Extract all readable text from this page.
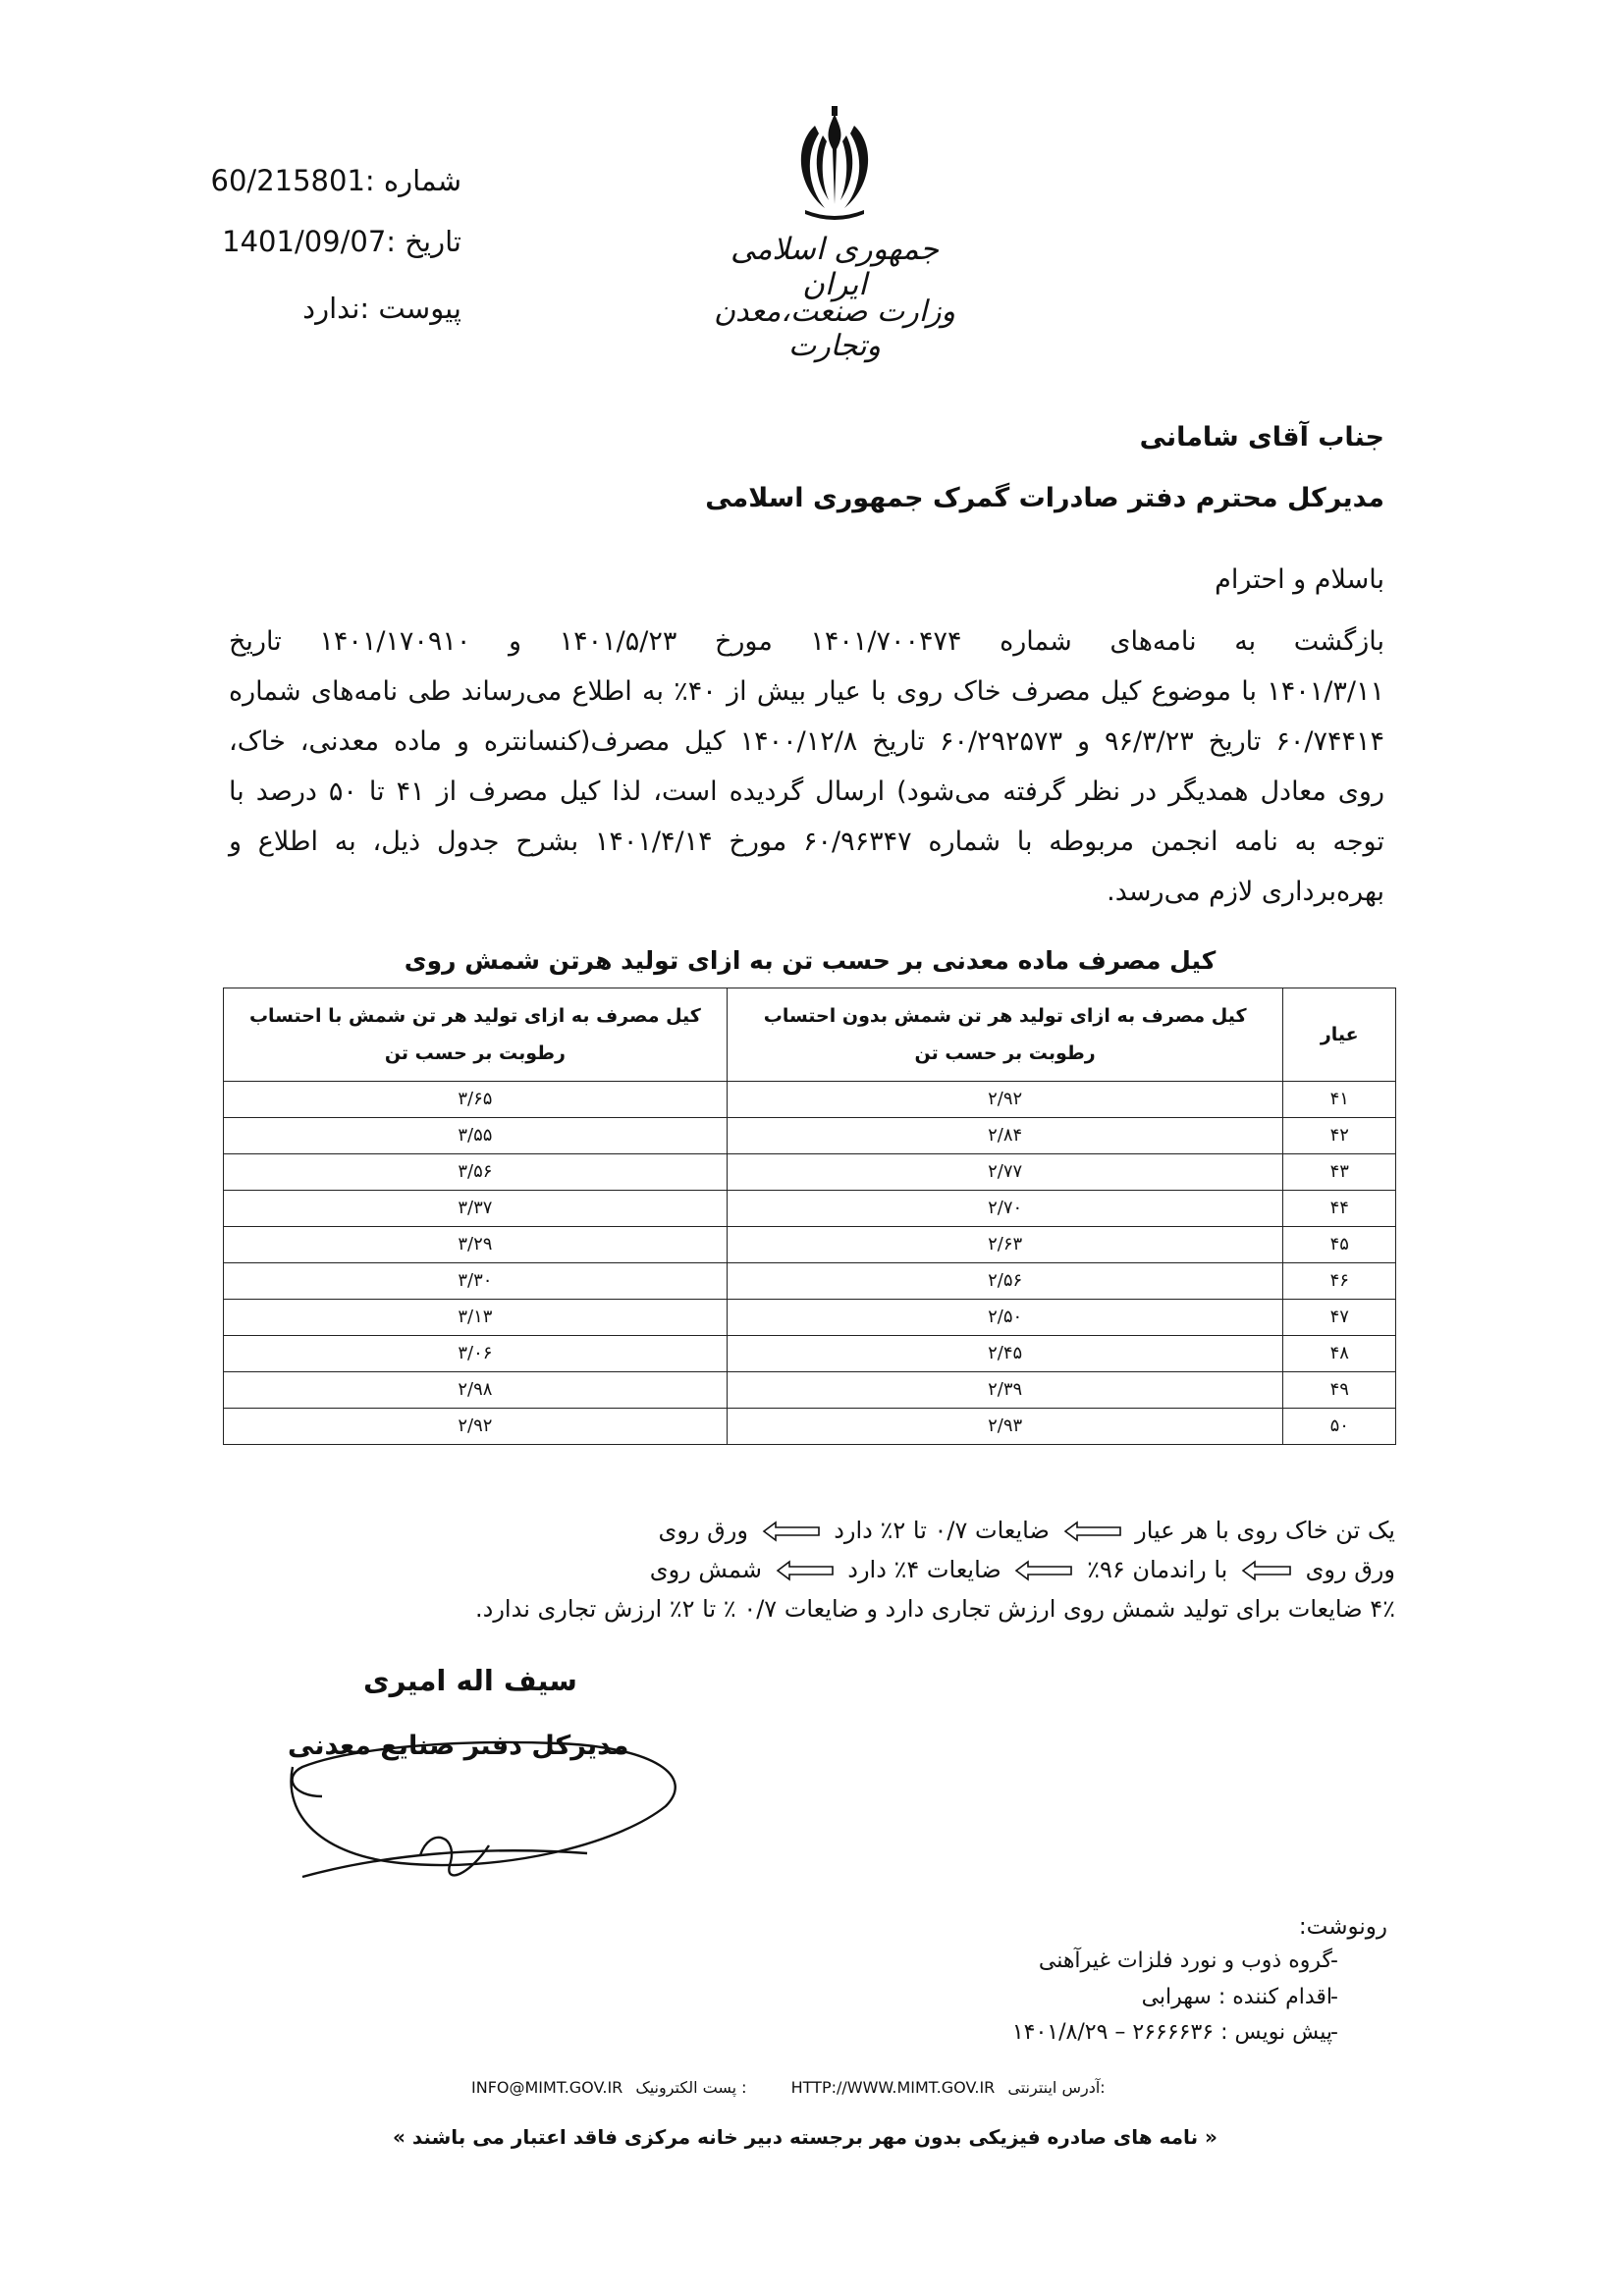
شماره :60/215801
تاریخ :1401/09/07
پیوست :ندارد
جمهوری اسلامی ایران
وزارت صنعت،معدن وتجارت
جناب آقای شامانی
مدیرکل محترم دفتر صادرات گمرک جمهوری اسلامی
باسلام و احترام
بازگشت به نامه‌های شماره ۱۴۰۱/۷۰۰۴۷۴ مورخ ۱۴۰۱/۵/۲۳ و ۱۴۰۱/۱۷۰۹۱۰ تاریخ
۱۴۰۱/۳/۱۱ با موضوع کیل مصرف خاک روی با عیار بیش از ۴۰٪ به اطلاع می‌رساند طی نامه‌های شماره
۶۰/۷۴۴۱۴ تاریخ ۹۶/۳/۲۳ و ۶۰/۲۹۲۵۷۳ تاریخ ۱۴۰۰/۱۲/۸ کیل مصرف(کنسانتره و ماده معدنی، خاک،
روی معادل همدیگر در نظر گرفته می‌شود) ارسال گردیده است، لذا کیل مصرف از ۴۱ تا ۵۰ درصد با
توجه به نامه انجمن مربوطه با شماره ۶۰/۹۶۳۴۷ مورخ ۱۴۰۱/۴/۱۴ بشرح جدول ذیل، به اطلاع و
بهره‌برداری لازم می‌رسد.
کیل مصرف ماده معدنی بر حسب تن به ازای تولید هرتن شمش روی
عیار	کیل مصرف به ازای تولید هر تن شمش بدون احتساب رطوبت بر حسب تن	کیل مصرف به ازای تولید هر تن شمش با احتساب رطوبت بر حسب تن
۴۱	۲/۹۲	۳/۶۵
۴۲	۲/۸۴	۳/۵۵
۴۳	۲/۷۷	۳/۵۶
۴۴	۲/۷۰	۳/۳۷
۴۵	۲/۶۳	۳/۲۹
۴۶	۲/۵۶	۳/۳۰
۴۷	۲/۵۰	۳/۱۳
۴۸	۲/۴۵	۳/۰۶
۴۹	۲/۳۹	۲/۹۸
۵۰	۲/۹۳	۲/۹۲
یک تن خاک روی با هر عیار  ضایعات ۰/۷ تا ۲٪ دارد  ورق روی
ورق روی  با راندمان ۹۶٪  ضایعات ۴٪ دارد  شمش روی
۴٪ ضایعات برای تولید شمش روی ارزش تجاری دارد و ضایعات ۰/۷ ٪ تا ۲٪ ارزش تجاری ندارد.
سیف اله امیری
مدیرکل دفتر صنایع معدنی
رونوشت:
گروه ذوب و نورد فلزات غیرآهنی
-
اقدام کننده : سهرابی
-
پیش نویس : ۲۶۶۶۶۳۶ – ۱۴۰۱/۸/۲۹
-
INFO@MIMT.GOV.IR پست الکترونیک :	HTTP://WWW.MIMT.GOV.IR آدرس اینترنتی:
« نامه های صادره فیزیکی بدون مهر برجسته دبیر خانه مرکزی فاقد اعتبار می باشند »
